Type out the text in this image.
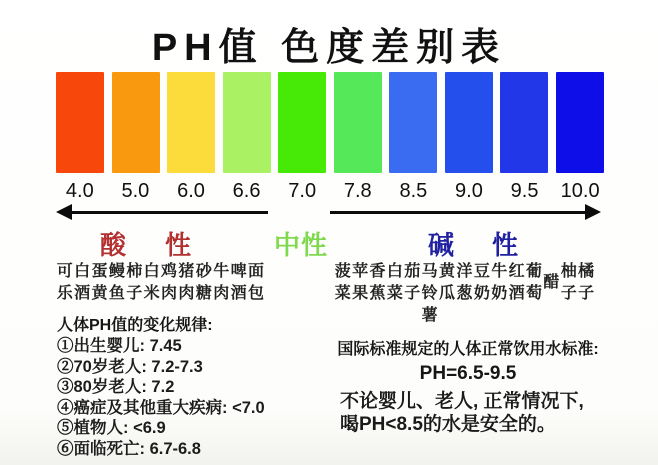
PH值 色度差别表
4.0	5.0	6.0	6.6	7.0	7.8	8.5	9.0	9.5	10.0
酸性 中性	碱性
可
乐
白
酒
蛋
黄
鳗
鱼
柿
子
白
米
鸡
肉
猪
肉
砂
糖
牛
肉
啤
酒
面
包
菠
菜
苹
果
香
蕉
白
菜
茄
子
马
铃
薯
黄
瓜
洋
葱
豆
奶
牛
奶
红
酒
葡
萄
醋
柚
子
橘
子
人体PH值的变化规律:
①出生婴儿: 7.45
②70岁老人: 7.2-7.3
③80岁老人: 7.2
④癌症及其他重大疾病: <7.0
⑤植物人: <6.9
⑥面临死亡: 6.7-6.8
国际标准规定的人体正常饮用水标准:
PH=6.5-9.5
不论婴儿、老人, 正常情况下,
喝PH<8.5的水是安全的。
